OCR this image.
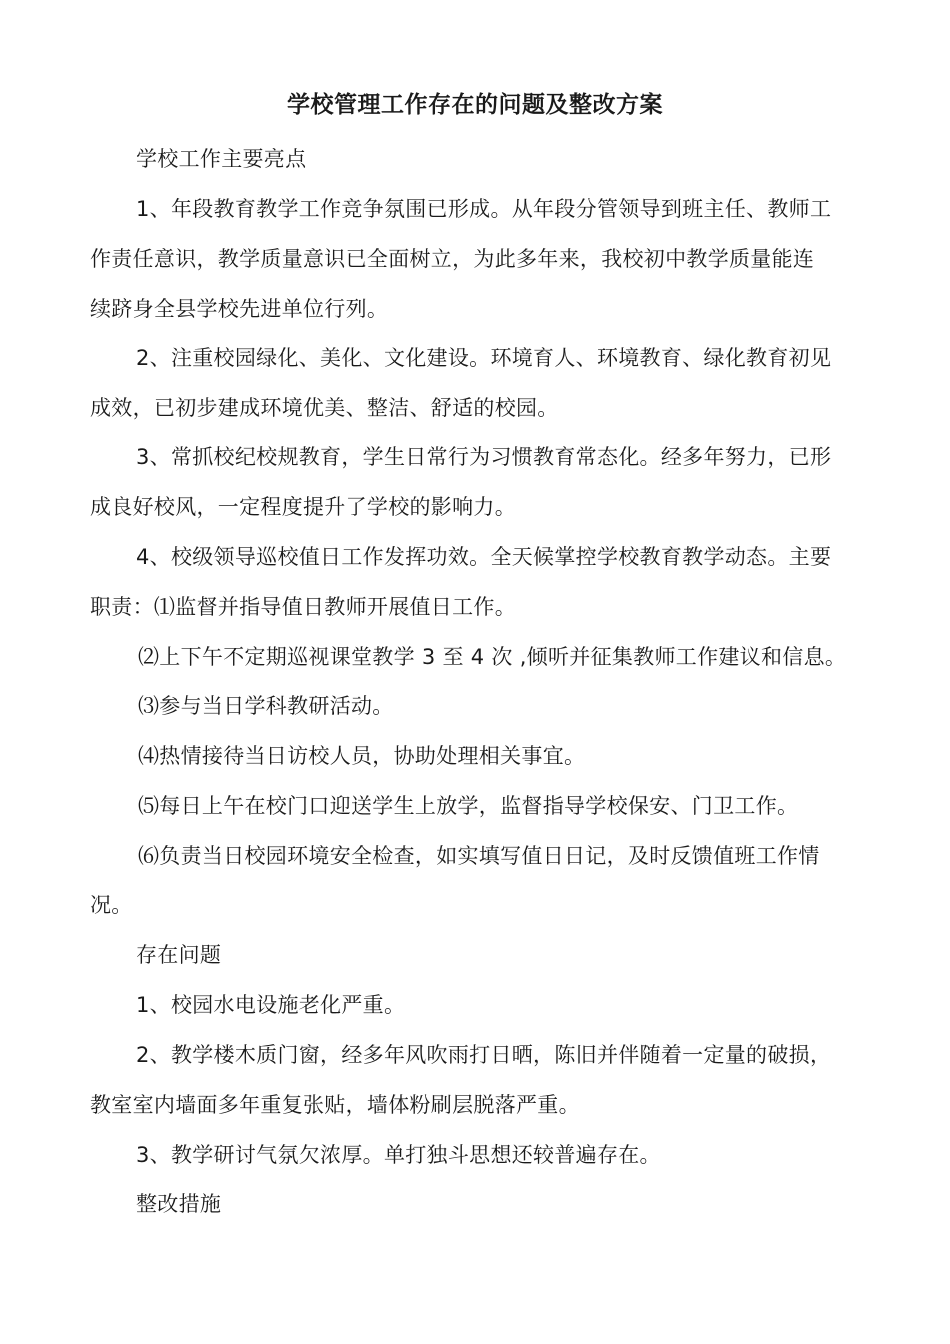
学校管理工作存在的问题及整改方案
学校工作主要亮点
1、年段教育教学工作竞争氛围已形成。从年段分管领导到班主任、教师工
作责任意识，教学质量意识已全面树立，为此多年来，我校初中教学质量能连
续跻身全县学校先进单位行列。
2、注重校园绿化、美化、文化建设。环境育人、环境教育、绿化教育初见
成效，已初步建成环境优美、整洁、舒适的校园。
3、常抓校纪校规教育，学生日常行为习惯教育常态化。经多年努力，已形
成良好校风，一定程度提升了学校的影响力。
4、校级领导巡校值日工作发挥功效。全天候掌控学校教育教学动态。主要
职责：⑴监督并指导值日教师开展值日工作。
⑵上下午不定期巡视课堂教学 3 至 4 次 ,倾听并征集教师工作建议和信息。
⑶参与当日学科教研活动。
⑷热情接待当日访校人员，协助处理相关事宜。
⑸每日上午在校门口迎送学生上放学，监督指导学校保安、门卫工作。
⑹负责当日校园环境安全检查，如实填写值日日记，及时反馈值班工作情
况。
存在问题
1、校园水电设施老化严重。
2、教学楼木质门窗，经多年风吹雨打日晒，陈旧并伴随着一定量的破损，
教室室内墙面多年重复张贴，墙体粉刷层脱落严重。
3、教学研讨气氛欠浓厚。单打独斗思想还较普遍存在。
整改措施
